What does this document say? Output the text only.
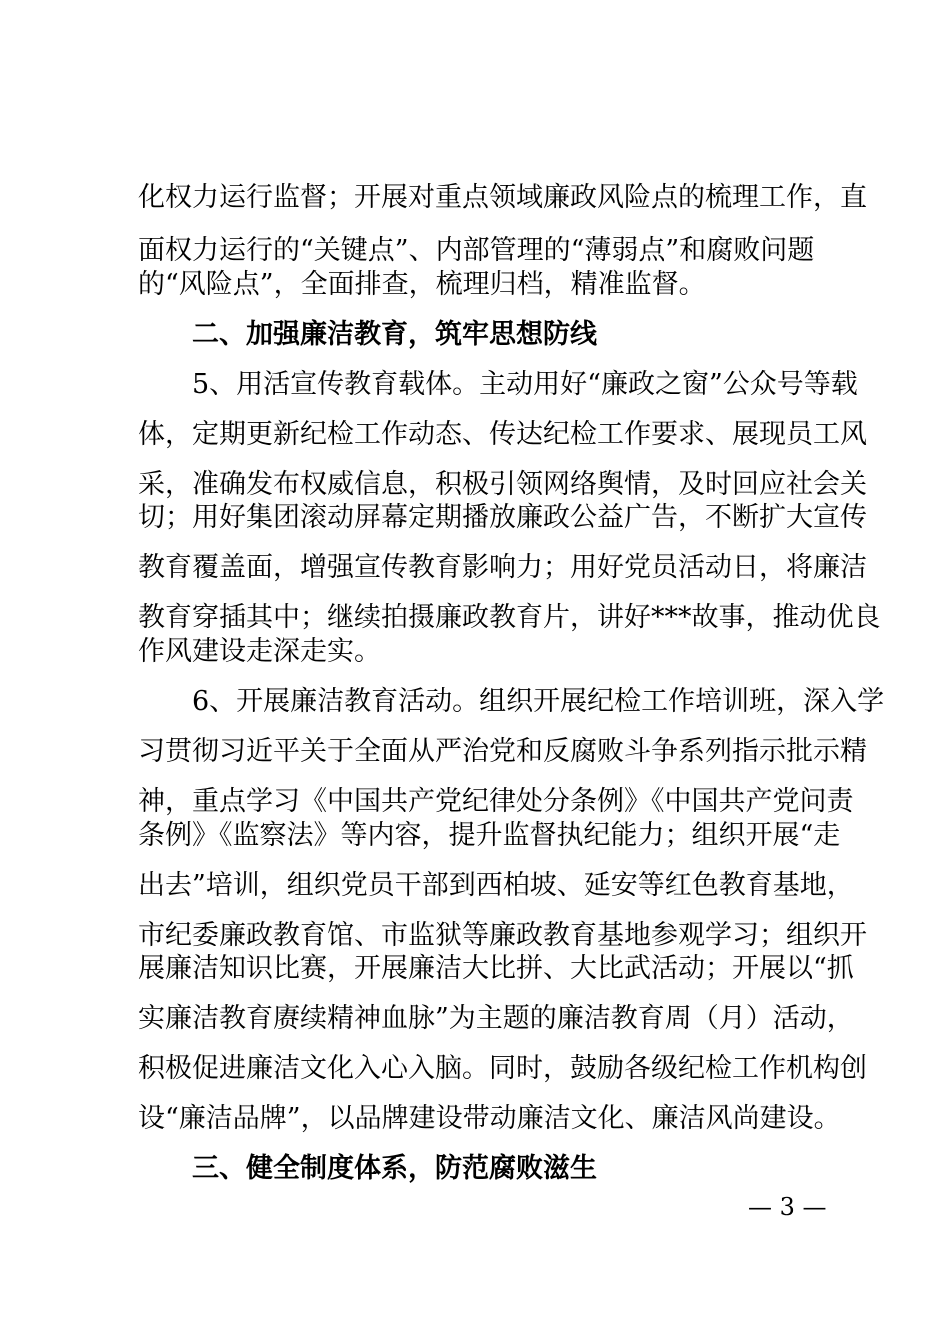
化权力运行监督；开展对重点领域廉政风险点的梳理工作，直
面权力运行的“关键点”、内部管理的“薄弱点”和腐败问题
的“风险点”，全面排查，梳理归档，精准监督。
　　二、加强廉洁教育，筑牢思想防线
　　5、用活宣传教育载体。主动用好“廉政之窗”公众号等载
体，定期更新纪检工作动态、传达纪检工作要求、展现员工风
采，准确发布权威信息，积极引领网络舆情，及时回应社会关
切；用好集团滚动屏幕定期播放廉政公益广告，不断扩大宣传
教育覆盖面，增强宣传教育影响力；用好党员活动日，将廉洁
教育穿插其中；继续拍摄廉政教育片，讲好***故事，推动优良
作风建设走深走实。
　　6、开展廉洁教育活动。组织开展纪检工作培训班，深入学
习贯彻习近平关于全面从严治党和反腐败斗争系列指示批示精
神，重点学习《中国共产党纪律处分条例》《中国共产党问责
条例》《监察法》等内容，提升监督执纪能力；组织开展“走
出去”培训，组织党员干部到西柏坡、延安等红色教育基地，
市纪委廉政教育馆、市监狱等廉政教育基地参观学习；组织开
展廉洁知识比赛，开展廉洁大比拼、大比武活动；开展以“抓
实廉洁教育赓续精神血脉”为主题的廉洁教育周（月）活动，
积极促进廉洁文化入心入脑。同时，鼓励各级纪检工作机构创
设“廉洁品牌”，以品牌建设带动廉洁文化、廉洁风尚建设。
　　三、健全制度体系，防范腐败滋生
— 3 —
